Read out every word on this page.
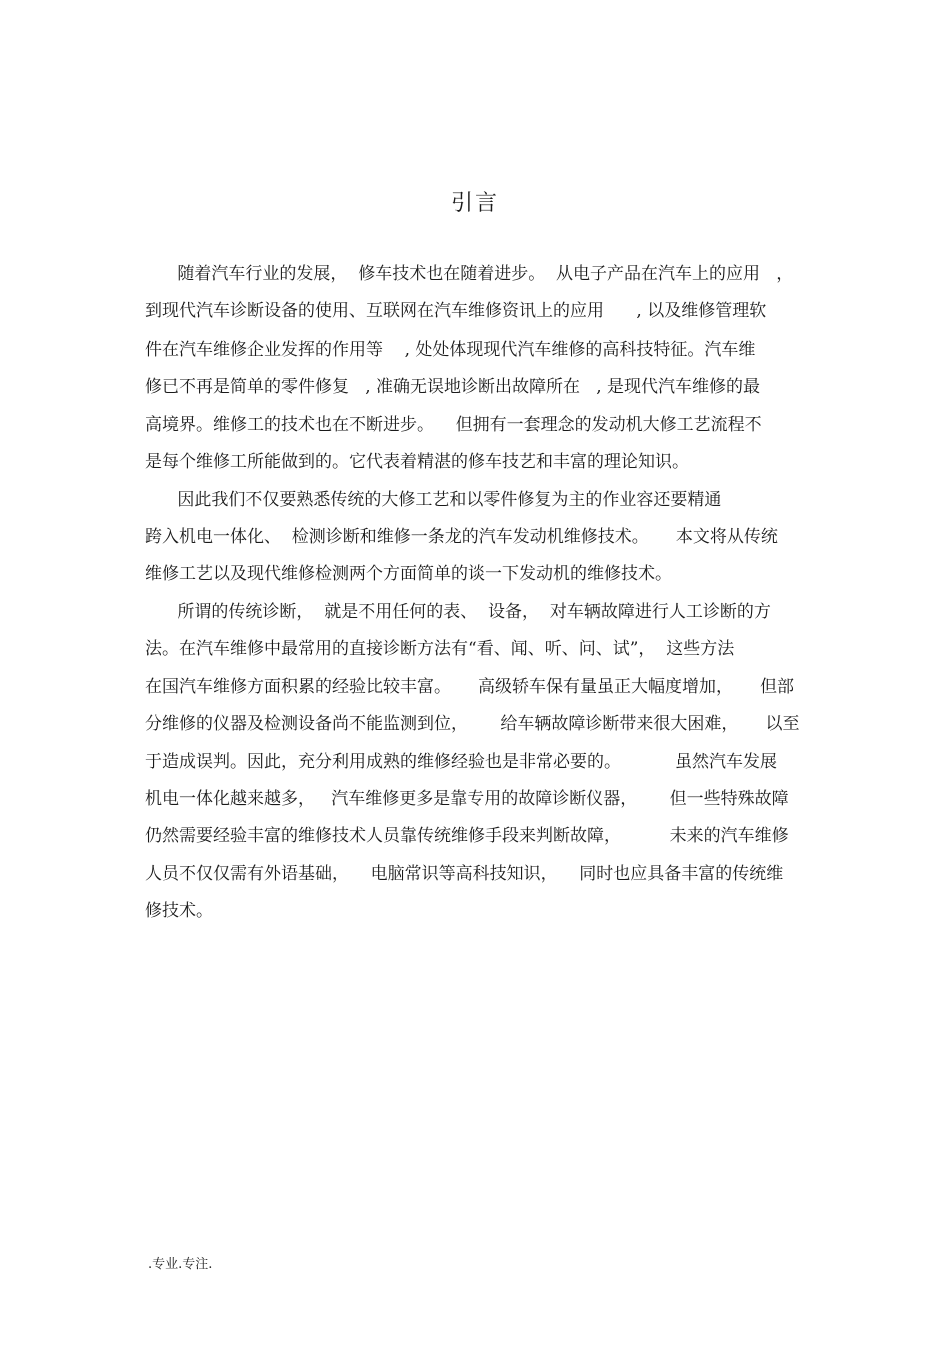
引言
随着汽车行业的发展，  修车技术也在随着进步。  从电子产品在汽车上的应用   ，
到现代汽车诊断设备的使用、互联网在汽车维修资讯上的应用      , 以及维修管理软
件在汽车维修企业发挥的作用等    , 处处体现现代汽车维修的高科技特征。汽车维
修已不再是简单的零件修复   , 准确无误地诊断出故障所在   , 是现代汽车维修的最
高境界。维修工的技术也在不断进步。    但拥有一套理念的发动机大修工艺流程不
是每个维修工所能做到的。它代表着精湛的修车技艺和丰富的理论知识。
因此我们不仅要熟悉传统的大修工艺和以零件修复为主的作业容还要精通
跨入机电一体化、  检测诊断和维修一条龙的汽车发动机维修技术。     本文将从传统
维修工艺以及现代维修检测两个方面简单的谈一下发动机的维修技术。
所谓的传统诊断，  就是不用任何的表、  设备，  对车辆故障进行人工诊断的方
法。在汽车维修中最常用的直接诊断方法有“看、闻、听、问、试”，  这些方法
在国汽车维修方面积累的经验比较丰富。     高级轿车保有量虽正大幅度增加，     但部
分维修的仪器及检测设备尚不能监测到位，      给车辆故障诊断带来很大困难，     以至
于造成误判。因此，充分利用成熟的维修经验也是非常必要的。          虽然汽车发展
机电一体化越来越多，   汽车维修更多是靠专用的故障诊断仪器，      但一些特殊故障
仍然需要经验丰富的维修技术人员靠传统维修手段来判断故障，         未来的汽车维修
人员不仅仅需有外语基础，    电脑常识等高科技知识，    同时也应具备丰富的传统维
修技术。
.专业.专注.
